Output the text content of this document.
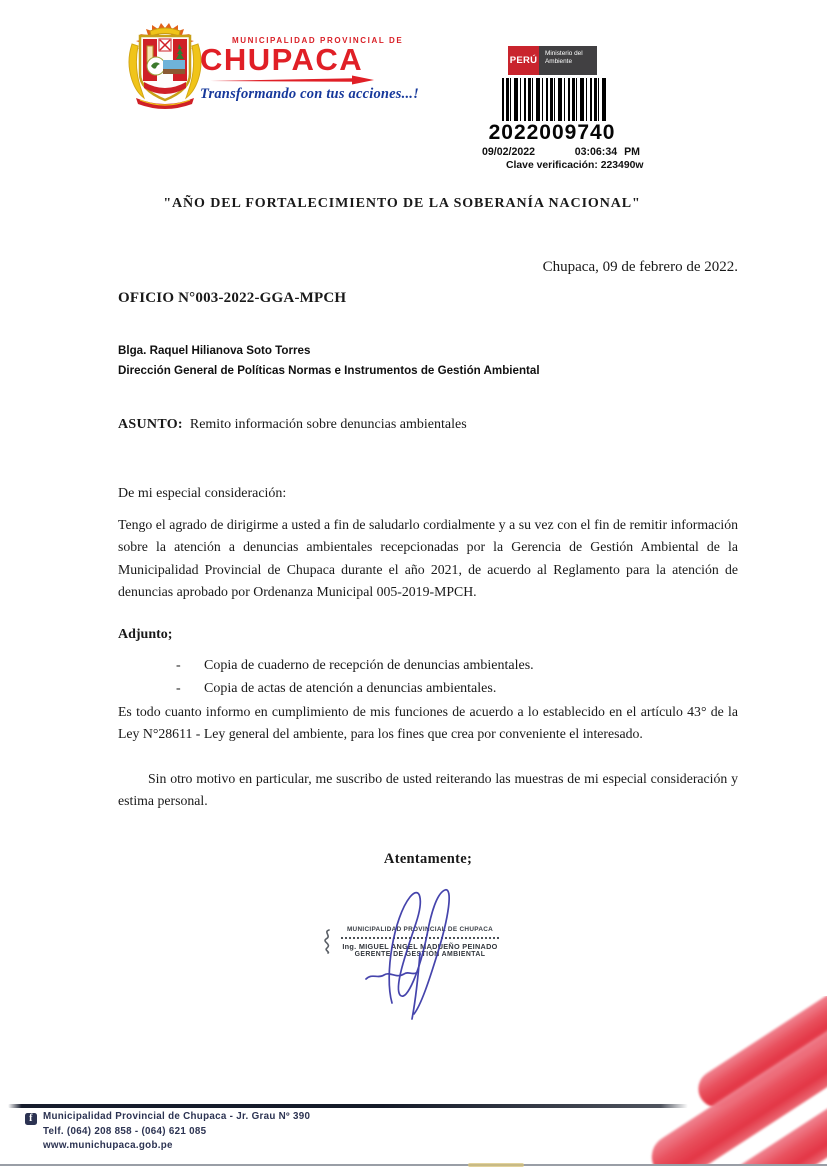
MUNICIPALIDAD PROVINCIAL DE
CHUPACA
Transformando con tus acciones...!
PERÚ
Ministerio del Ambiente
2022009740
09/02/2022	03:06:34 PM
Clave verificación: 223490w
"AÑO DEL FORTALECIMIENTO DE LA SOBERANÍA NACIONAL"
Chupaca, 09 de febrero de 2022.
OFICIO N°003-2022-GGA-MPCH
Blga. Raquel Hilianova Soto Torres
Dirección General de Políticas Normas e Instrumentos de Gestión Ambiental
ASUNTO: Remito información sobre denuncias ambientales
De mi especial consideración:
Tengo el agrado de dirigirme a usted a fin de saludarlo cordialmente y a su vez con el fin de remitir información sobre la atención a denuncias ambientales recepcionadas por la Gerencia de Gestión Ambiental de la Municipalidad Provincial de Chupaca durante el año 2021, de acuerdo al Reglamento para la atención de denuncias aprobado por Ordenanza Municipal 005-2019-MPCH.
Adjunto;
- Copia de cuaderno de recepción de denuncias ambientales.
- Copia de actas de atención a denuncias ambientales.
Es todo cuanto informo en cumplimiento de mis funciones de acuerdo a lo establecido en el artículo 43° de la Ley N°28611 - Ley general del ambiente, para los fines que crea por conveniente el interesado.
Sin otro motivo en particular, me suscribo de usted reiterando las muestras de mi especial consideración y estima personal.
Atentamente;
MUNICIPALIDAD PROVINCIAL DE CHUPACA
Ing. MIGUEL ANGEL MADUEÑO PEINADO
GERENTE DE GESTIÓN AMBIENTAL
f Municipalidad Provincial de Chupaca - Jr. Grau Nº 390
Telf. (064) 208 858 - (064) 621 085
www.munichupaca.gob.pe
